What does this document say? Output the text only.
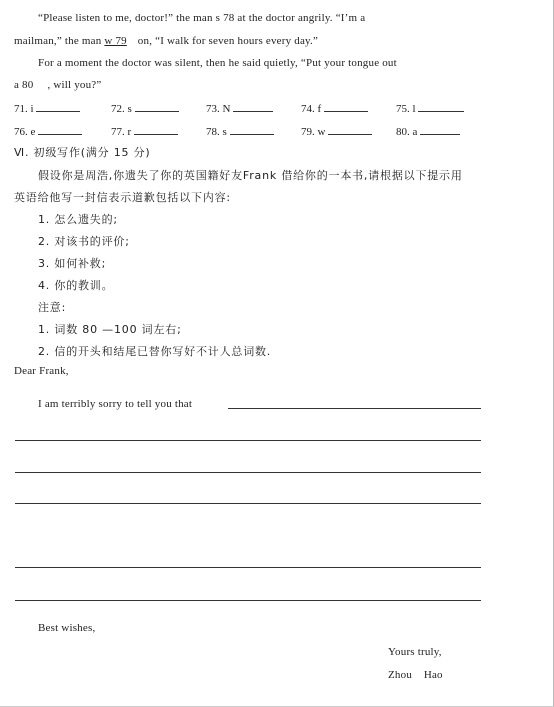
“Please listen to me, doctor!” the man s 78 at the doctor angrily. “I’m a
mailman,” the man w 79 on, “I walk for seven hours every day.”
For a moment the doctor was silent, then he said quietly, “Put your tongue out
a 80 , will you?”
71. i	72. s	73. N	74. f	75. l
76. e	77. r	78. s	79. w	80. a
Ⅵ. 初级写作(满分 15 分)
假设你是周浩,你遗失了你的英国籍好友Frank 借给你的一本书,请根据以下提示用
英语给他写一封信表示道歉包括以下内容:
1. 怎么遗失的;
2. 对该书的评价;
3. 如何补救;
4. 你的教训。
注意:
1. 词数 80 —100 词左右;
2. 信的开头和结尾已替你写好不计人总词数.
Dear Frank,
I am terribly sorry to tell you that
Best wishes,
Yours truly,
Zhou    Hao
